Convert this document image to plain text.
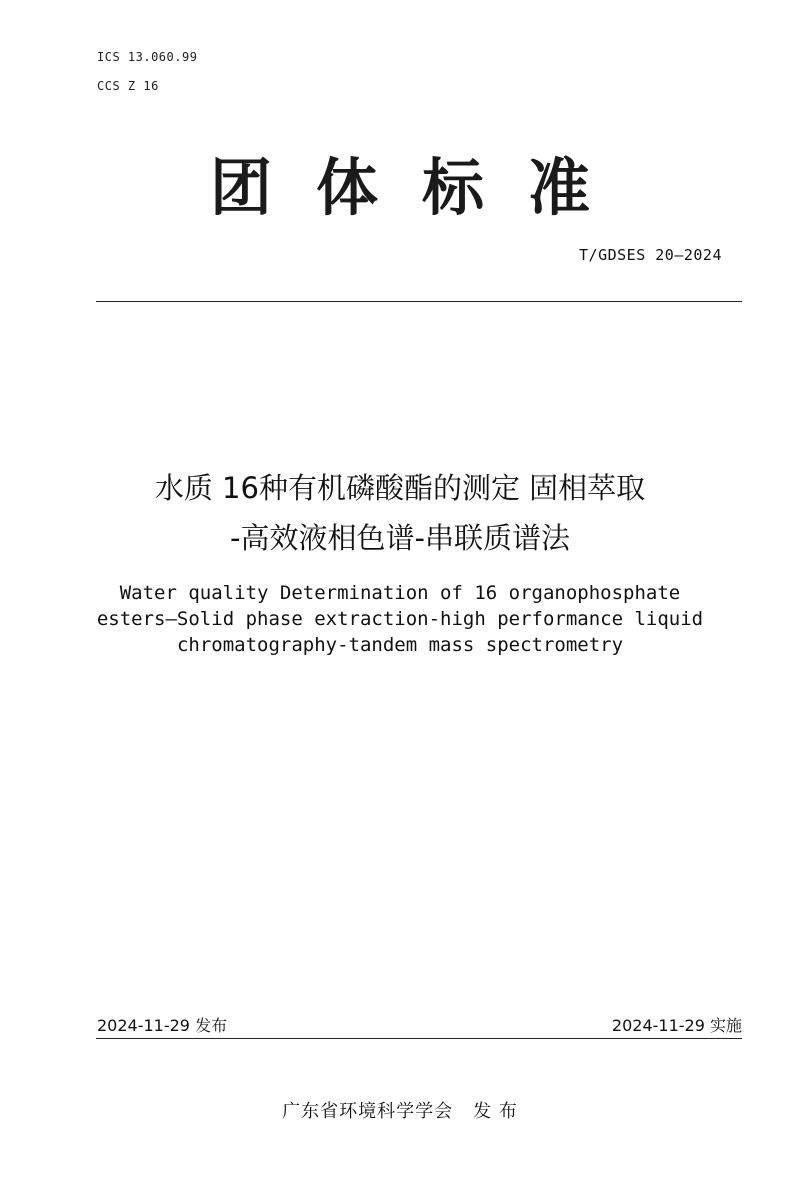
ICS 13.060.99
CCS Z 16
团体标准
T/GDSES 20—2024
水质 16种有机磷酸酯的测定 固相萃取
-高效液相色谱-串联质谱法
Water quality Determination of 16 organophosphate
esters—Solid phase extraction-high performance liquid
chromatography-tandem mass spectrometry
2024-11-29 发布	2024-11-29 实施
广东省环境科学学会 发 布
